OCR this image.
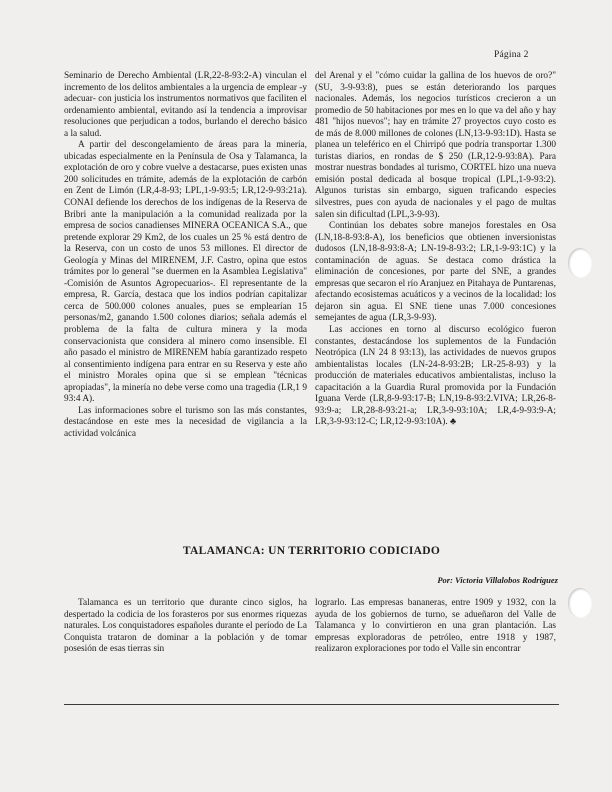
Página 2

Seminario de Derecho Ambiental (LR,22-8-93:2-A) vinculan el incremento de los delitos ambientales a la urgencia de emplear -y adecuar- con justicia los instrumentos normativos que faciliten el ordenamiento ambiental, evitando así la tendencia a improvisar resoluciones que perjudican a todos, burlando el derecho básico a la salud.

A partir del descongelamiento de áreas para la minería, ubicadas especialmente en la Península de Osa y Talamanca, la explotación de oro y cobre vuelve a destacarse, pues existen unas 200 solicitudes en trámite, además de la explotación de carbón en Zent de Limón (LR,4-8-93; LPL,1-9-93:5; LR,12-9-93:21a). CONAI defiende los derechos de los indígenas de la Reserva de Bribri ante la manipulación a la comunidad realizada por la empresa de socios canadienses MINERA OCEANICA S.A., que pretende explorar 29 Km2, de los cuales un 25 % está dentro de la Reserva, con un costo de unos 53 millones. El director de Geología y Minas del MIRENEM, J.F. Castro, opina que estos trámites por lo general "se duermen en la Asamblea Legislativa" -Comisión de Asuntos Agropecuarios-. El representante de la empresa, R. García, destaca que los indios podrían capitalizar cerca de 500.000 colones anuales, pues se emplearían 15 personas/m2, ganando 1.500 colones diarios; señala además el problema de la falta de cultura minera y la moda conservacionista que considera al minero como insensible. El año pasado el ministro de MIRENEM había garantizado respeto al consentimiento indígena para entrar en su Reserva y este año el ministro Morales opina que si se emplean "técnicas apropiadas", la minería no debe verse como una tragedia (LR,1 9 93:4 A).

Las informaciones sobre el turismo son las más constantes, destacándose en este mes la necesidad de vigilancia a la actividad volcánica

del Arenal y el "cómo cuidar la gallina de los huevos de oro?" (SU, 3-9-93:8), pues se están deteriorando los parques nacionales. Además, los negocios turísticos crecieron a un promedio de 50 habitaciones por mes en lo que va del año y hay 481 "hijos nuevos"; hay en trámite 27 proyectos cuyo costo es de más de 8.000 millones de colones (LN,13-9-93:1D). Hasta se planea un teleférico en el Chirripó que podría transportar 1.300 turistas diarios, en rondas de $ 250 (LR,12-9-93:8A). Para mostrar nuestras bondades al turismo, CORTEL hizo una nueva emisión postal dedicada al bosque tropical (LPL,1-9-93:2). Algunos turistas sin embargo, siguen traficando especies silvestres, pues con ayuda de nacionales y el pago de multas salen sin dificultad (LPL,3-9-93).

Continúan los debates sobre manejos forestales en Osa (LN,18-8-93:8-A), los beneficios que obtienen inversionistas dudosos (LN,18-8-93:8-A; LN-19-8-93:2; LR,1-9-93:1C) y la contaminación de aguas. Se destaca como drástica la eliminación de concesiones, por parte del SNE, a grandes empresas que secaron el río Aranjuez en Pitahaya de Puntarenas, afectando ecosistemas acuáticos y a vecinos de la localidad: los dejaron sin agua. El SNE tiene unas 7.000 concesiones semejantes de agua (LR,3-9-93).

Las acciones en torno al discurso ecológico fueron constantes, destacándose los suplementos de la Fundación Neotrópica (LN 24 8 93:13), las actividades de nuevos grupos ambientalistas locales (LN-24-8-93:2B; LR-25-8-93) y la producción de materiales educativos ambientalistas, incluso la capacitación a la Guardia Rural promovida por la Fundación Iguana Verde (LR,8-9-93:17-B; LN,19-8-93:2.VIVA; LR,26-8-93:9-a; LR,28-8-93:21-a; LR,3-9-93:10A; LR,4-9-93:9-A; LR,3-9-93:12-C; LR,12-9-93:10A). ♣

TALAMANCA: UN TERRITORIO CODICIADO
Por: Victoria Villalobos Rodríguez

Talamanca es un territorio que durante cinco siglos, ha despertado la codicia de los forasteros por sus enormes riquezas naturales. Los conquistadores españoles durante el período de La Conquista trataron de dominar a la población y de tomar posesión de esas tierras sin

lograrlo. Las empresas bananeras, entre 1909 y 1932, con la ayuda de los gobiernos de turno, se adueñaron del Valle de Talamanca y lo convirtieron en una gran plantación. Las empresas exploradoras de petróleo, entre 1918 y 1987, realizaron exploraciones por todo el Valle sin encontrar
